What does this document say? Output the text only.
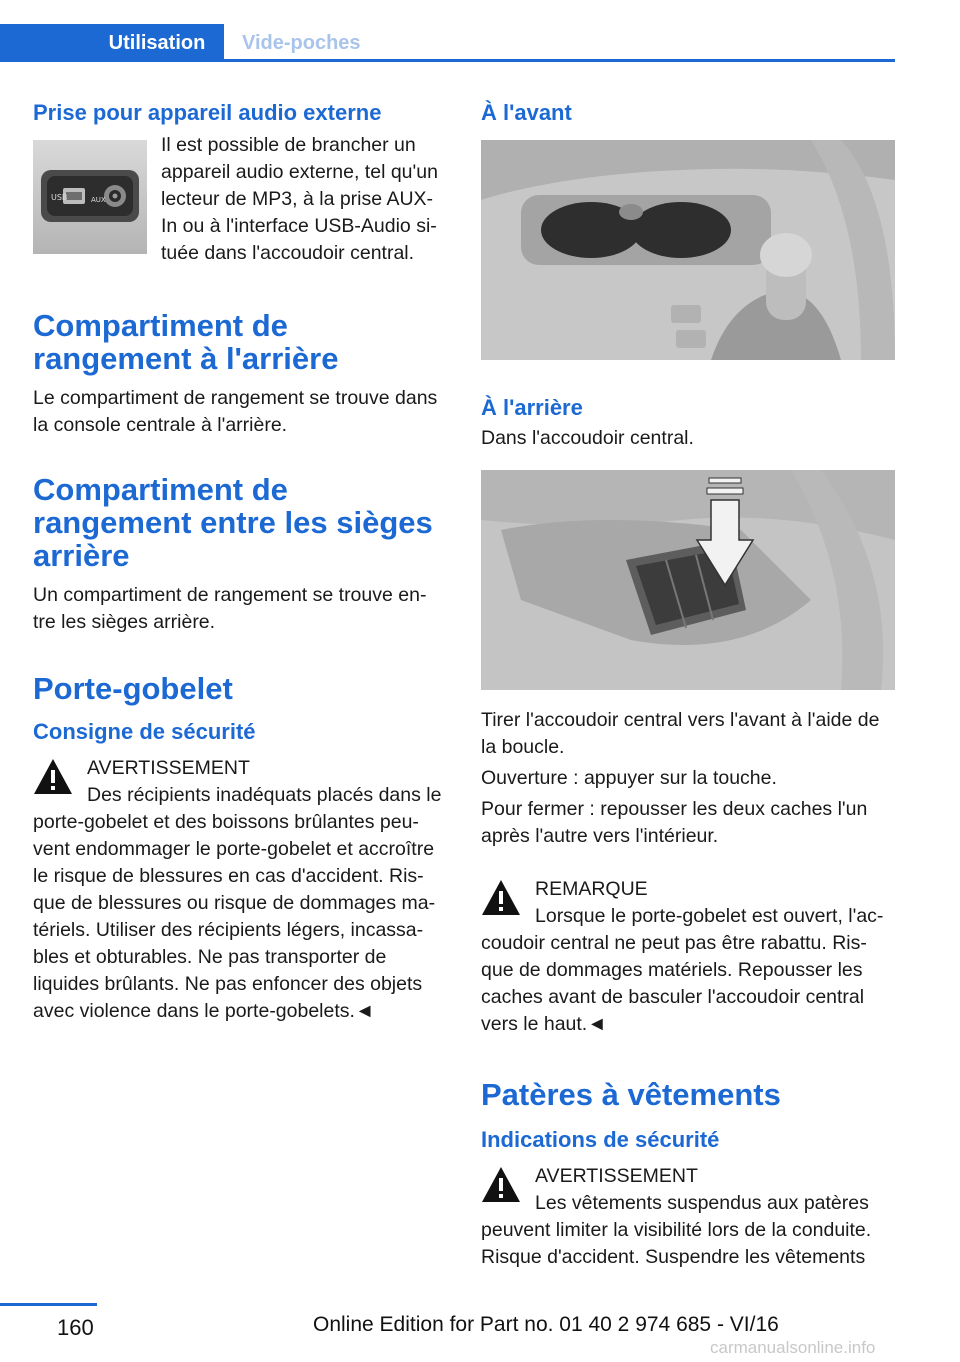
Utilisation	Vide-poches
Prise pour appareil audio externe
USB	AUX

Il est possible de brancher un appareil audio externe, tel qu'un lecteur de MP3, à la prise AUX-In ou à l'interface USB-Audio si-tuée dans l'accoudoir central.

Compartiment de rangement à l'arrière

Le compartiment de rangement se trouve dans la console centrale à l'arrière.

Compartiment de rangement entre les sièges arrière

Un compartiment de rangement se trouve en-tre les sièges arrière.

Porte-gobelet
Consigne de sécurité
AVERTISSEMENT

Des récipients inadéquats placés dans le porte-gobelet et des boissons brûlantes peu-vent endommager le porte-gobelet et accroître le risque de blessures en cas d'accident. Ris-que de blessures ou risque de dommages ma-tériels. Utiliser des récipients légers, incassa-bles et obturables. Ne pas transporter de liquides brûlants. Ne pas enfoncer des objets avec violence dans le porte-gobelets.◄

À l'avant
À l'arrière

Dans l'accoudoir central.

Tirer l'accoudoir central vers l'avant à l'aide de la boucle.

Ouverture : appuyer sur la touche.

Pour fermer : repousser les deux caches l'un après l'autre vers l'intérieur.

REMARQUE

Lorsque le porte-gobelet est ouvert, l'ac-coudoir central ne peut pas être rabattu. Ris-que de dommages matériels. Repousser les caches avant de basculer l'accoudoir central vers le haut.◄

Patères à vêtements
Indications de sécurité
AVERTISSEMENT

Les vêtements suspendus aux patères peuvent limiter la visibilité lors de la conduite. Risque d'accident. Suspendre les vêtements

160	Online Edition for Part no. 01 40 2 974 685 - VI/16
carmanualsonline.info
